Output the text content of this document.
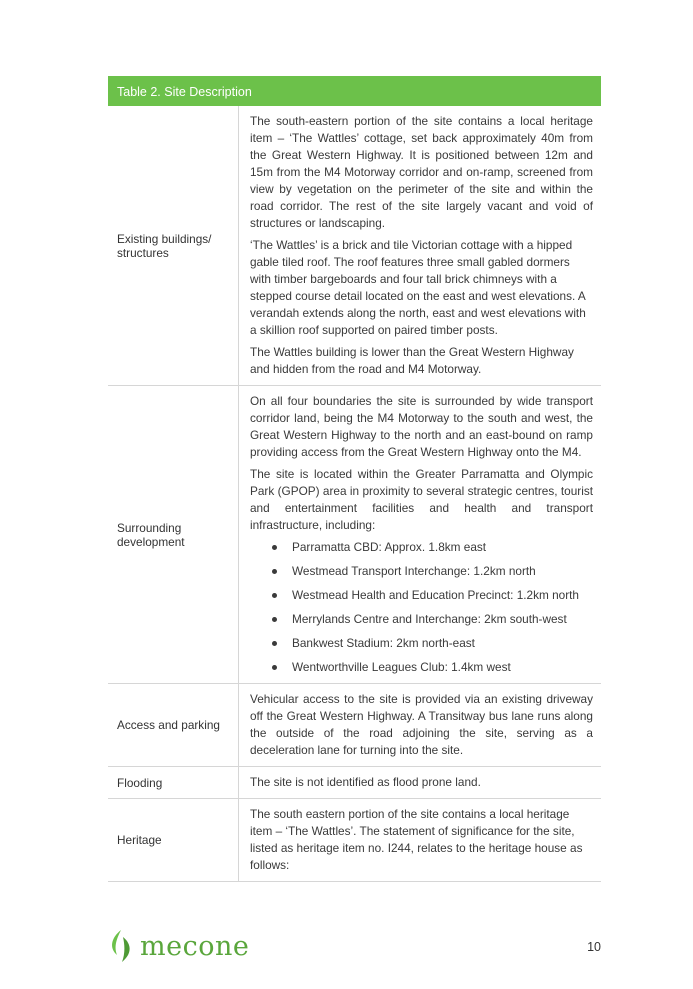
Table 2. Site Description
Existing buildings/ structures

The south-eastern portion of the site contains a local heritage item – ‘The Wattles’ cottage, set back approximately 40m from the Great Western Highway. It is positioned between 12m and 15m from the M4 Motorway corridor and on-ramp, screened from view by vegetation on the perimeter of the site and within the road corridor. The rest of the site largely vacant and void of structures or landscaping.

‘The Wattles’ is a brick and tile Victorian cottage with a hipped gable tiled roof. The roof features three small gabled dormers with timber bargeboards and four tall brick chimneys with a stepped course detail located on the east and west elevations. A verandah extends along the north, east and west elevations with a skillion roof supported on paired timber posts.

The Wattles building is lower than the Great Western Highway and hidden from the road and M4 Motorway.

Surrounding development

On all four boundaries the site is surrounded by wide transport corridor land, being the M4 Motorway to the south and west, the Great Western Highway to the north and an east-bound on ramp providing access from the Great Western Highway onto the M4.

The site is located within the Greater Parramatta and Olympic Park (GPOP) area in proximity to several strategic centres, tourist and entertainment facilities and health and transport infrastructure, including:

Parramatta CBD: Approx. 1.8km east
Westmead Transport Interchange: 1.2km north
Westmead Health and Education Precinct: 1.2km north
Merrylands Centre and Interchange: 2km south-west
Bankwest Stadium: 2km north-east
Wentworthville Leagues Club: 1.4km west
Access and parking

Vehicular access to the site is provided via an existing driveway off the Great Western Highway. A Transitway bus lane runs along the outside of the road adjoining the site, serving as a deceleration lane for turning into the site.

Flooding	The site is not identified as flood prone land.

Heritage

The south eastern portion of the site contains a local heritage item – ‘The Wattles’. The statement of significance for the site, listed as heritage item no. I244, relates to the heritage house as follows:

mecone	10
